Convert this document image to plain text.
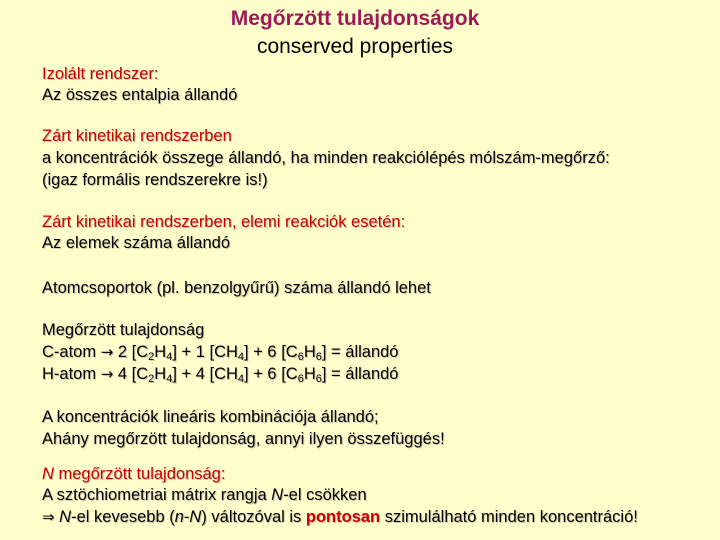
Megőrzött tulajdonságok
conserved properties
Izolált rendszer:
Az összes entalpia állandó
Zárt kinetikai rendszerben
a koncentrációk összege állandó, ha minden reakciólépés mólszám-megőrző:
(igaz formális rendszerekre is!)
Zárt kinetikai rendszerben, elemi reakciók esetén:
Az elemek száma állandó
Atomcsoportok (pl. benzolgyűrű) száma állandó lehet
Megőrzött tulajdonság
C-atom → 2 $[C_2H_4] + 1$ $[CH_4] + 6$ $[C_6H_6]$ = állandó
H-atom → 4 $[C_2H_4] + 4$ $[CH_4] + 6$ $[C_6H_6]$ = állandó
A koncentrációk lineáris kombinációja állandó;
Ahány megőrzött tulajdonság, annyi ilyen összefüggés!
N megőrzött tulajdonság:
A sztöchiometriai mátrix rangja N-el csökken
⇒ N-el kevesebb (n-N) változóval is pontosan szimulálható minden koncentráció!
